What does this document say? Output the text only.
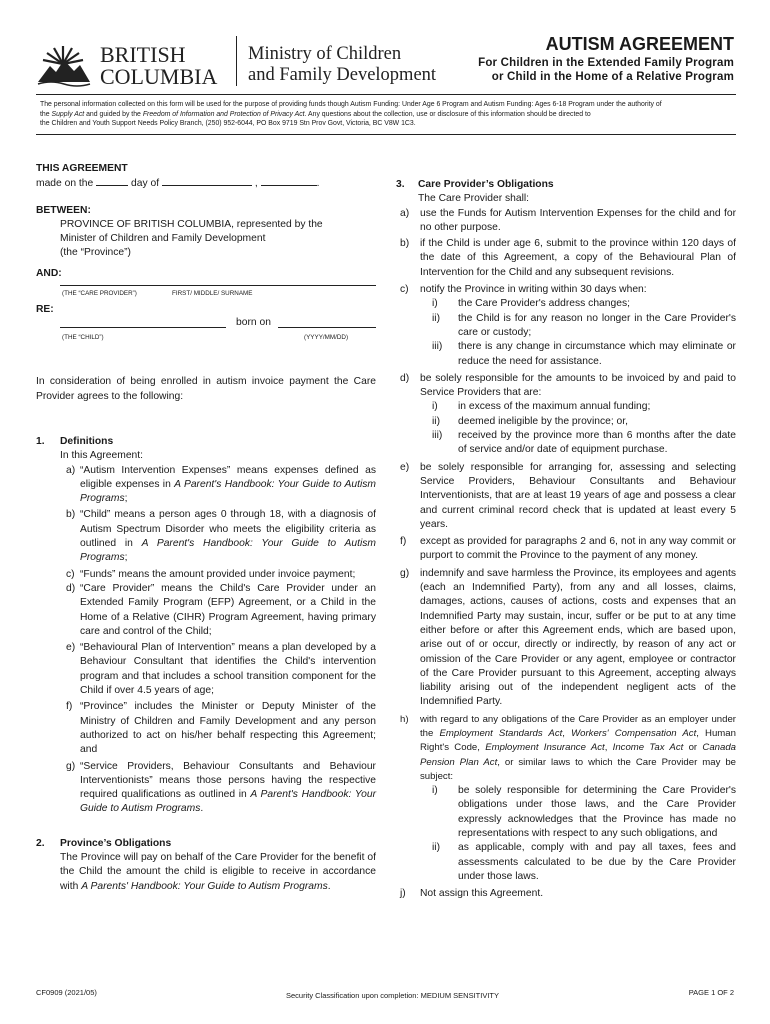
BRITISH
COLUMBIA
Ministry of Children
and Family Development
AUTISM AGREEMENT
For Children in the Extended Family Program
or Child in the Home of a Relative Program
The personal information collected on this form will be used for the purpose of providing funds though Autism Funding: Under Age 6 Program and Autism Funding: Ages 6-18 Program under the authority of
the Supply Act and guided by the Freedom of Information and Protection of Privacy Act. Any questions about the collection, use or disclosure of this information should be directed to
the Children and Youth Support Needs Policy Branch, (250) 952-6044, PO Box 9719 Stn Prov Govt, Victoria, BC V8W 1C3.
THIS AGREEMENT
made on the	day of	,	.
BETWEEN:
PROVINCE OF BRITISH COLUMBIA, represented by the
Minister of Children and Family Development
(the “Province”)
AND:
(THE “CARE PROVIDER”)	FIRST/ MIDDLE/ SURNAME
RE:
born on
(THE “CHILD”)	(YYYY/MM/DD)

In consideration of being enrolled in autism invoice payment the Care Provider agrees to the following:

1. Definitions
In this Agreement:
a) “Autism Intervention Expenses” means expenses defined as eligible expenses in A Parent's Handbook: Your Guide to Autism Programs;
b) “Child” means a person ages 0 through 18, with a diagnosis of Autism Spectrum Disorder who meets the eligibility criteria as outlined in A Parent's Handbook: Your Guide to Autism Programs;
c) “Funds” means the amount provided under invoice payment;
d) “Care Provider” means the Child's Care Provider under an Extended Family Program (EFP) Agreement, or a Child in the Home of a Relative (CIHR) Program Agreement, having primary care and control of the Child;
e) “Behavioural Plan of Intervention” means a plan developed by a Behaviour Consultant that identifies the Child's intervention program and that includes a school transition component for the Child if over 4.5 years of age;
f) “Province” includes the Minister or Deputy Minister of the Ministry of Children and Family Development and any person authorized to act on his/her behalf respecting this Agreement; and
g) “Service Providers, Behaviour Consultants and Behaviour Interventionists” means those persons having the respective required qualifications as outlined in A Parent's Handbook: Your Guide to Autism Programs.
2. Province’s Obligations

The Province will pay on behalf of the Care Provider for the benefit of the Child the amount the child is eligible to receive in accordance with A Parents' Handbook: Your Guide to Autism Programs.

3. Care Provider’s Obligations
The Care Provider shall:
a) use the Funds for Autism Intervention Expenses for the child and for no other purpose.
b) if the Child is under age 6, submit to the province within 120 days of the date of this Agreement, a copy of the Behavioural Plan of Intervention for the Child and any subsequent revisions.
c) notify the Province in writing within 30 days when:
i) the Care Provider's address changes;
ii) the Child is for any reason no longer in the Care Provider's care or custody;
iii) there is any change in circumstance which may eliminate or reduce the need for assistance.
d) be solely responsible for the amounts to be invoiced by and paid to Service Providers that are:
i) in excess of the maximum annual funding;
ii) deemed ineligible by the province; or,
iii) received by the province more than 6 months after the date of service and/or date of equipment purchase.
e) be solely responsible for arranging for, assessing and selecting Service Providers, Behaviour Consultants and Behaviour Interventionists, that are at least 19 years of age and possess a clear and current criminal record check that is updated at least every 5 years.
f) except as provided for paragraphs 2 and 6, not in any way commit or purport to commit the Province to the payment of any money.
g) indemnify and save harmless the Province, its employees and agents (each an Indemnified Party), from any and all losses, claims, damages, actions, causes of actions, costs and expenses that an Indemnified Party may sustain, incur, suffer or be put to at any time either before or after this Agreement ends, which are based upon, arise out of or occur, directly or indirectly, by reason of any act or omission of the Care Provider or any agent, employee or contractor of the Care Provider pursuant to this Agreement, accepting always liability arising out of the independent negligent acts of the Indemnified Party.
h) with regard to any obligations of the Care Provider as an employer under the Employment Standards Act, Workers' Compensation Act, Human Right's Code, Employment Insurance Act, Income Tax Act or Canada Pension Plan Act, or similar laws to which the Care Provider may be subject:
i) be solely responsible for determining the Care Provider's obligations under those laws, and the Care Provider expressly acknowledges that the Province has made no representations with respect to any such obligations, and
ii) as applicable, comply with and pay all taxes, fees and assessments calculated to be due by the Care Provider under those laws.
j) Not assign this Agreement.
CF0909 (2021/05)	Security Classification upon completion: MEDIUM SENSITIVITY	PAGE 1 OF 2
